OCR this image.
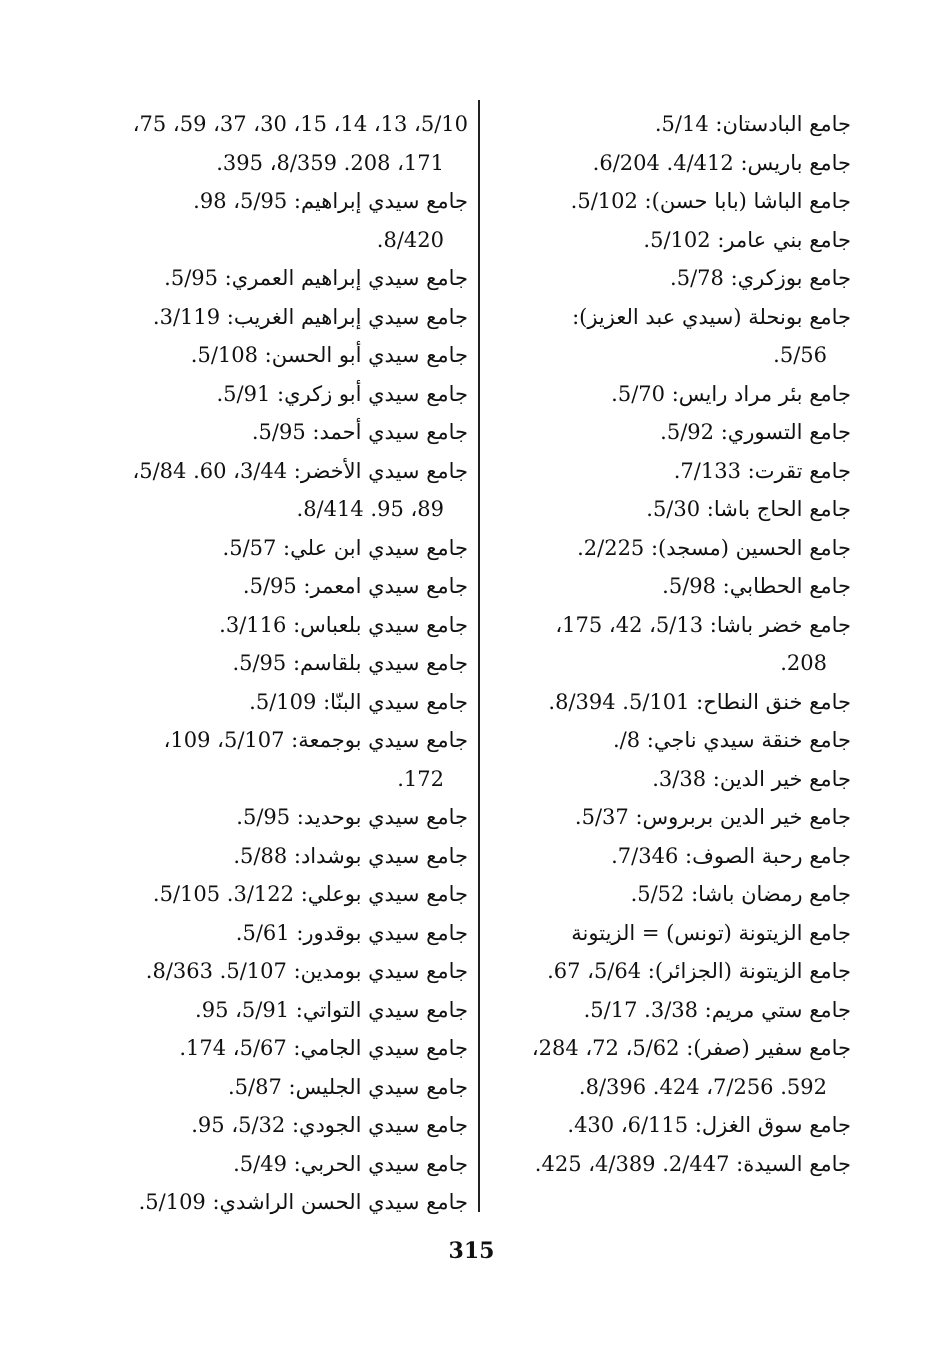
جامع البادستان: 5/14.
جامع باريس: 4/412. 6/204.
جامع الباشا (بابا حسن): 5/102.
جامع بني عامر: 5/102.
جامع بوزكري: 5/78.
جامع بونحلة (سيدي عبد العزيز):
5/56.
جامع بئر مراد رايس: 5/70.
جامع التسوري: 5/92.
جامع تقرت: 7/133.
جامع الحاج باشا: 5/30.
جامع الحسين (مسجد): 2/225.
جامع الحطابي: 5/98.
جامع خضر باشا: 5/13، 42، 175،
208.
جامع خنق النطاح: 5/101. 8/394.
جامع خنقة سيدي ناجي: 8/.
جامع خير الدين: 3/38.
جامع خير الدين بربروس: 5/37.
جامع رحبة الصوف: 7/346.
جامع رمضان باشا: 5/52.
جامع الزيتونة (تونس) = الزيتونة
جامع الزيتونة (الجزائر): 5/64، 67.
جامع ستي مريم: 3/38. 5/17.
جامع سفير (صفر): 5/62، 72، 284،
592. 7/256، 424. 8/396.
جامع سوق الغزل: 6/115، 430.
جامع السيدة: 2/447. 4/389، 425.
5/10، 13، 14، 15، 30، 37، 59، 75،
171، 208. 8/359، 395.
جامع سيدي إبراهيم: 5/95، 98.
8/420.
جامع سيدي إبراهيم العمري: 5/95.
جامع سيدي إبراهيم الغريب: 3/119.
جامع سيدي أبو الحسن: 5/108.
جامع سيدي أبو زكري: 5/91.
جامع سيدي أحمد: 5/95.
جامع سيدي الأخضر: 3/44، 60. 5/84،
89، 95. 8/414.
جامع سيدي ابن علي: 5/57.
جامع سيدي امعمر: 5/95.
جامع سيدي بلعباس: 3/116.
جامع سيدي بلقاسم: 5/95.
جامع سيدي البنّا: 5/109.
جامع سيدي بوجمعة: 5/107، 109،
172.
جامع سيدي بوحديد: 5/95.
جامع سيدي بوشداد: 5/88.
جامع سيدي بوعلي: 3/122. 5/105.
جامع سيدي بوقدور: 5/61.
جامع سيدي بومدين: 5/107. 8/363.
جامع سيدي التواتي: 5/91، 95.
جامع سيدي الجامي: 5/67، 174.
جامع سيدي الجليس: 5/87.
جامع سيدي الجودي: 5/32، 95.
جامع سيدي الحربي: 5/49.
جامع سيدي الحسن الراشدي: 5/109.
315
